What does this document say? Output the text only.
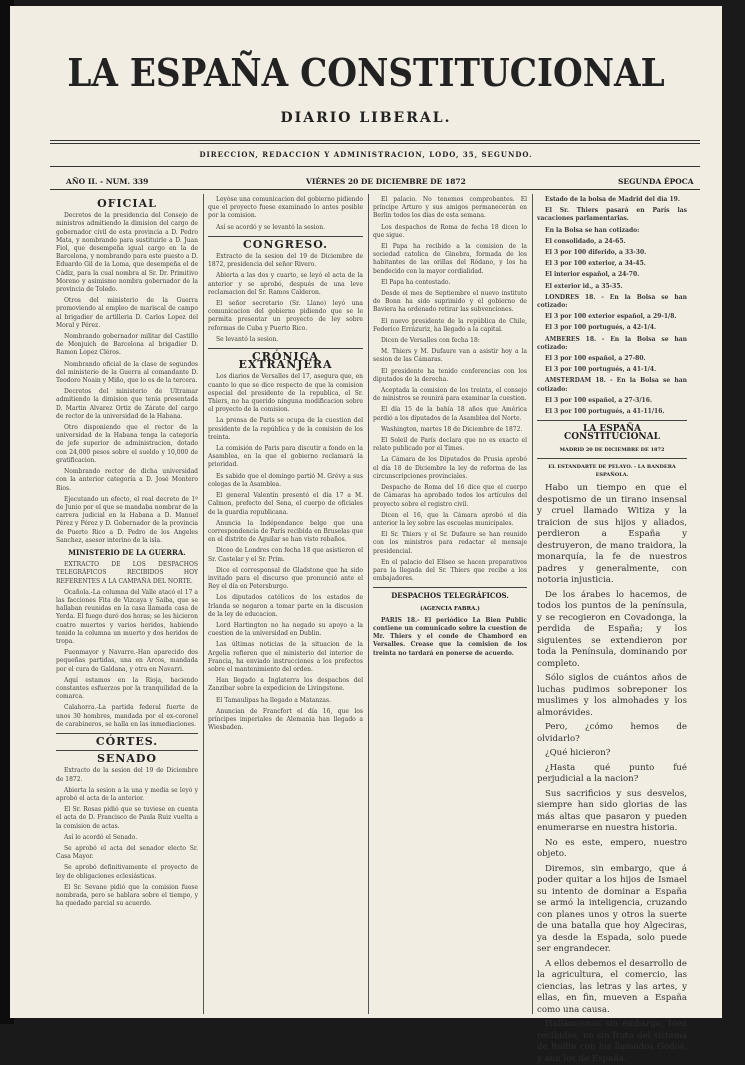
LA ESPAÑA CONSTITUCIONAL
DIARIO LIBERAL.
DIRECCION, REDACCION Y ADMINISTRACION, LODO, 35, SEGUNDO.
AÑO II. - NUM. 339	VIÉRNES 20 DE DICIEMBRE DE 1872	SEGUNDA ÉPOCA
OFICIAL

Decretos de la presidencia del Consejo de ministros admitiendo la dimision del cargo de gobernador civil de esta provincia a D. Pedro Mata, y nombrando para sustituirle a D. Juan Fiol, que desempeña igual cargo en la de Barcelona, y nombrando para este puesto a D. Eduardo Gil de la Loma, que desempeña el de Cádiz, para la cual nombra al Sr. Dr. Primitivo Moreno y asimismo nombra gobernador de la provincia de Toledo.

Otros del ministerio de la Guerra promoviendo al empleo de mariscal de campo al brigadier de artilleria D. Carlos Lopez del Moral y Pérez.

Nombrando gobernador militar del Castillo de Monjuich de Barcelona al brigadier D. Ramon Lopez Cléros.

Nombrando oficial de la clase de segundos del ministerio de la Guerra al comandante D. Teodoro Noain y Miño, que lo es de la tercera.

Decretos del ministerio de Ultramar admitiendo la dimision que tenia presentada D. Martin Alvarez Ortiz de Zárate del cargo de rector de la universidad de la Habana.

Otro disponiendo que el rector de la universidad de la Habana tenga la categoría de jefe superior de administracion, dotado con 24,000 pesos sobre el sueldo y 10,000 de gratificacion.

Nombrando rector de dicha universidad con la anterior categoría a D. José Montero Rios.

Ejecutando un efecto, el real decreto de 1º de Junio por el que se mandaba nombrar de la carrera judicial en la Habana a D. Manuel Pérez y Pérez y D. Gobernador de la provincia de Puerto Rico a D. Pedro de los Angeles Sanchez, asesor interino de la isla.

MINISTERIO DE LA GUERRA.

EXTRACTO DE LOS DESPACHOS TELEGRÁFICOS RECIBIDOS HOY REFERENTES A LA CAMPAÑA DEL NORTE.

Ocañola.-La columna del Valle atacó el 17 a las facciones Fita de Vizcaya y Saiba, que se hallaban reunidas en la casa llamada casa de Yerda. El fuego duró dos horas; se les hicieron cuatro muertos y varios heridos, habiendo tenido la columna un muerto y dos heridos de tropa.

Fuenmayor y Navarre.-Han aparecido dos pequeñas partidas, una en Arcos, mandada por el cura de Galdana, y otra en Navarri.

Aquí estamos en la Rioja, haciendo constantes esfuerzos por la tranquilidad de la comarca.

Calahorra.-La partida federal fuerte de unos 30 hombres, mandada por el ex-coronel de carabineros, se halla en las inmediaciones.

CÓRTES.
SENADO

Extracto de la sesion del 19 de Diciembre de 1872.

Abierta la sesion a la una y media se leyó y aprobó el acta de la anterior.

El Sr. Rosas pidió que se tuviese en cuenta el acta de D. Francisco de Paula Ruiz vuelta a la comision de actas.

Así lo acordó el Senado.

Se aprobó el acta del senador electo Sr. Casa Mayor.

Se aprobó definitivamente el proyecto de ley de obligaciones eclesiásticas.

El Sr. Sevane pidió que la comision fuese nombrada, pero se hablara sobre el tiempo, y ha quedado parcial su acuerdo.

Leyóse una comunicacion del gobierno pidiendo que el proyecto fuese examinado lo antes posible por la comision.

Así se acordó y se levantó la sesion.

CONGRESO.

Extracto de la sesion del 19 de Diciembre de 1872, presidencia del señor Rivero.

Abierta a las dos y cuarto, se leyó el acta de la anterior y se aprobó, después de una leve reclamacion del Sr. Ramos Calderon.

El señor secretario (Sr. Llano) leyó una comunicacion del gobierno pidiendo que se le permita presentar un proyecto de ley sobre reformas de Cuba y Puerto Rico.

Se levantó la sesion.

CRÓNICA EXTRANJERA

Los diarios de Versalles del 17, asegura que, en cuanto lo que se dice respecto de que la comision especial del presidente de la republica, el Sr. Thiers, no ha querido ninguna modificacion sobre el proyecto de la comision.

La prensa de Paris se ocupa de la cuestion del presidente de la república y de la comision de los treinta.

La comisión de Paris para discutir a fondo en la Asamblea, en la que el gobierno reclamará la prioridad.

Es sabido que el domingo partió M. Grévy a sus colegas de la Asamblea.

El general Valentín presentó el día 17 a M. Calmon, prefecto del Sena, el cuerpo de oficiales de la guardia republicana.

Anuncia la Indépendance belge que una correspondencia de París recibida en Bruselas que en el distrito de Aguilar se han visto rebaños.

Diceo de Londres con fecha 18 que asistieron el Sr. Castelar y el Sr. Prim.

Dice el corresponsal de Gladstone que ha sido invitado para el discurso que pronunció ante el Rey el día en Petersburgo.

Los diputados católicos de los estados de Irlanda se negaron a tomar parte en la discusion de la ley de educacion.

Lord Hartington no ha negado su apoyo a la cuestion de la universidad en Dublin.

Las últimas noticias de la situacion de la Argelia refieren que el ministerio del interior de Francia, ha enviado instrucciones a los prefectos sobre el mantenimiento del orden.

Han llegado a Inglaterra los despachos del Zanzíbar sobre la expedicion de Livingstone.

El Tamaulipas ha llegado a Matanzas.

Anuncian de Francfort el día 16, que los príncipes imperiales de Alemania han llegado a Wiesbaden.

El palacio. No tenemos comprobantes. El príncipe Arturo y sus amigos permanecerán en Berlin todos los días de esta semana.

Los despachos de Roma de fecha 18 dicen lo que sigue.

El Papa ha recibido a la comision de la sociedad catolica de Ginebra, formada de los habitantes de las orillas del Ródano, y los ha bendecido con la mayor cordialidad.

El Papa ha contestado.

Desde el mes de Septiembre el nuevo instituto de Bonn ha sido suprimido y el gobierno de Baviera ha ordenado retirar las subvenciones.

El nuevo presidente de la república de Chile, Federico Errázuriz, ha llegado a la capital.

Dicen de Versalles con fecha 18:

M. Thiers y M. Dufaure van a asistir hoy a la sesion de las Cámaras.

El presidente ha tenido conferencias con los diputados de la derecha.

Aceptada la comision de los treinta, el consejo de ministros se reunirá para examinar la cuestion.

El día 15 de la bahía 18 años que América perdió a los diputados de la Asamblea del Norte.

Washington, martes 18 de Diciembre de 1872.

El Soleil de París declara que no es exacto el relato publicado por el Times.

La Cámara de los Diputados de Prusia aprobó el día 18 de Diciembre la ley de reforma de las circunscripciones provinciales.

Despacho de Roma del 16 dice que el cuerpo de Cámaras ha aprobado todos los artículos del proyecto sobre el registro civil.

Dicen el 16, que la Cámara aprobó el día anterior la ley sobre las escuelas municipales.

El Sr. Thiers y el Sr. Dufaure se han reunido con los ministros para redactar el mensaje presidencial.

En el palacio del Elíseo se hacen preparativos para la llegada del Sr. Thiers que recibe a los embajadores.

DESPACHOS TELEGRÁFICOS.
(AGENCIA FABRA.)

PARIS 18.- El periódico La Bien Public contiene un comunicado sobre la cuestion de Mr. Thiers y el conde de Chambord en Versalles. Crease que la comision de los treinta no tardará en ponerse de acuerdo.

Estado de la bolsa de Madrid del día 19.

El Sr. Thiers pasará en París las vacaciones parlamentarias.

En la Bolsa se han cotizado:

El consolidado, a 24-65.

El 3 por 100 diferido, a 33-30.

El 3 por 100 exterior, a 34-45.

El interior español, a 24-70.

El exterior id., a 35-35.

LONDRES 18. - En la Bolsa se han cotizado:

El 3 por 100 exterior español, a 29-1/8.

El 3 por 100 portugués, a 42-1/4.

AMBERES 18. - En la Bolsa se han cotizado:

El 3 por 100 español, a 27-80.

El 3 por 100 portugués, a 41-1/4.

AMSTERDAM 18. - En la Bolsa se han cotizado:

El 3 por 100 español, a 27-3/16.

El 3 por 100 portugués, a 41-11/16.

LA ESPAÑA CONSTITUCIONAL
MADRID 20 DE DICIEMBRE DE 1872
EL ESTANDARTE DE PELAYO. - LA BANDERA ESPAÑOLA.

Habo un tiempo en que el despotismo de un tirano insensal y cruel llamado Witiza y la traicion de sus hijos y aliados, perdieron a España y destruyeron, de mano traidora, la monarquía, la fe de nuestros padres y generalmente, con notoria injusticia.

De los árabes lo hacemos, de todos los puntos de la península, y se recogieron en Covadonga, la perdida de España; y los siguientes se extendieron por toda la Península, dominando por completo.

Sólo siglos de cuántos años de luchas pudimos sobreponer los muslimes y los almohades y los almorávides.

Pero, ¿cómo hemos de olvidarlo?

¿Qué hicieron?

¿Hasta qué punto fué perjudicial a la nacion?

Sus sacrificios y sus desvelos, siempre han sido glorias de las más altas que pasaron y pueden enumerarse en nuestra historia.

No es este, empero, nuestro objeto.

Diremos, sin embargo, que á poder quitar a los hijos de Ismael su intento de dominar a España se armó la inteligencia, cruzando con planes unos y otros la suerte de una batalla que hoy Algeciras, ya desde la Espada, solo puede ser engrandecer.

A ellos debemos el desarrollo de la agricultura, el comercio, las ciencias, las letras y las artes, y ellas, en fin, mueven a España como una causa.

Hallámosnos sin embargo, bien recibidos, no sin fruto del sistema de Rollin con los llamados Godos, y aun los de España.
